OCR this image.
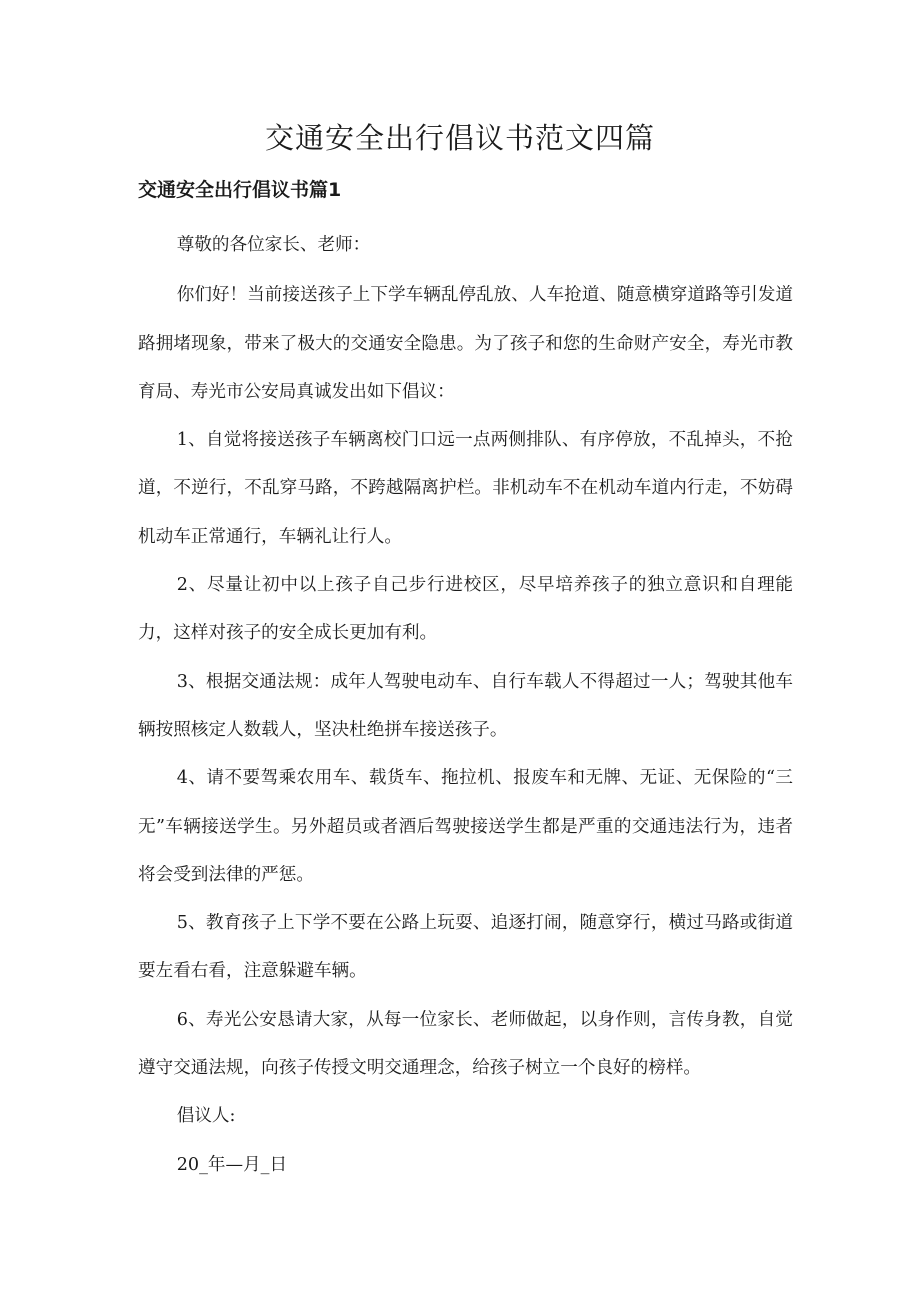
交通安全出行倡议书范文四篇
交通安全出行倡议书篇1

尊敬的各位家长、老师：

你们好！当前接送孩子上下学车辆乱停乱放、人车抢道、随意横穿道路等引发道路拥堵现象，带来了极大的交通安全隐患。为了孩子和您的生命财产安全，寿光市教育局、寿光市公安局真诚发出如下倡议：

1、自觉将接送孩子车辆离校门口远一点两侧排队、有序停放，不乱掉头，不抢道，不逆行，不乱穿马路，不跨越隔离护栏。非机动车不在机动车道内行走，不妨碍机动车正常通行，车辆礼让行人。

2、尽量让初中以上孩子自己步行进校区，尽早培养孩子的独立意识和自理能力，这样对孩子的安全成长更加有利。

3、根据交通法规：成年人驾驶电动车、自行车载人不得超过一人；驾驶其他车辆按照核定人数载人，坚决杜绝拼车接送孩子。

4、请不要驾乘农用车、载货车、拖拉机、报废车和无牌、无证、无保险的“三无”车辆接送学生。另外超员或者酒后驾驶接送学生都是严重的交通违法行为，违者将会受到法律的严惩。

5、教育孩子上下学不要在公路上玩耍、追逐打闹，随意穿行，横过马路或街道要左看右看，注意躲避车辆。

6、寿光公安恳请大家，从每一位家长、老师做起，以身作则，言传身教，自觉遵守交通法规，向孩子传授文明交通理念，给孩子树立一个良好的榜样。

倡议人:

20_年—月_日
